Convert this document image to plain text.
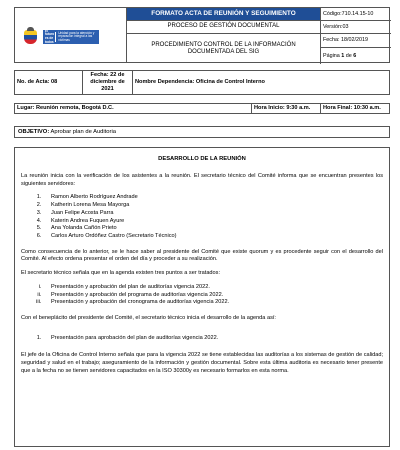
El futuro es de todos
Unidad para la atención y reparación integral a las víctimas
FORMATO ACTA DE REUNIÓN Y SEGUIMIENTO
PROCESO DE GESTIÓN DOCUMENTAL
PROCEDIMIENTO CONTROL DE LA INFORMACIÓN DOCUMENTADA DEL SIG
Código:710.14.15-10
Versión:03
Fecha: 18/02/2019
Página
1
de
6
No. de Acta: 08	Fecha: 22 de diciembre de 2021	Nombre Dependencia: Oficina de Control Interno
Lugar: Reunión remota, Bogotá D.C.	Hora Inicio: 9:30 a.m.	Hora Final: 10:30 a.m.
OBJETIVO: Aprobar plan de Auditoria
DESARROLLO DE LA REUNIÓN

La reunión inicia con la verificación de los asistentes a la reunión. El secretario técnico del Comité informa que se encuentran presentes los siguientes servidores:

1. Ramon Alberto Rodríguez Andrade
2. Katherin Lorena Mesa Mayorga
3. Juan Felipe Acosta Parra
4. Katerin Andrea Fuquen Ayure
5. Ana Yolanda Cañón Prieto
6. Carlos Arturo Ordóñez Castro (Secretario Técnico)

Como consecuencia de lo anterior, se le hace saber al presidente del Comité que existe quorum y es procedente seguir con el desarrollo del Comité. Al efecto ordena presentar el orden del día y proceder a su realización.

El secretario técnico señala que en la agenda existen tres puntos a ser tratados:

i. Presentación y aprobación del plan de auditorías vigencia 2022.
ii. Presentación y aprobación del programa de auditorías vigencia 2022.
iii. Presentación y aprobación del cronograma de auditorías vigencia 2022.

Con el beneplácito del presidente del Comité, el secretario técnico inicia el desarrollo de la agenda así:

1. Presentación para aprobación del plan de auditorías vigencia 2022.

El jefe de la Oficina de Control Interno señala que para la vigencia 2022 se tiene establecidas las auditorías a los sistemas de gestión de calidad; seguridad y salud en el trabajo; aseguramiento de la información y gestión documental. Sobre esta última auditoria es necesario tener presente que a la fecha no se tienen servidores capacitados en la ISO 30300y es necesario formarlos en esta norma.
